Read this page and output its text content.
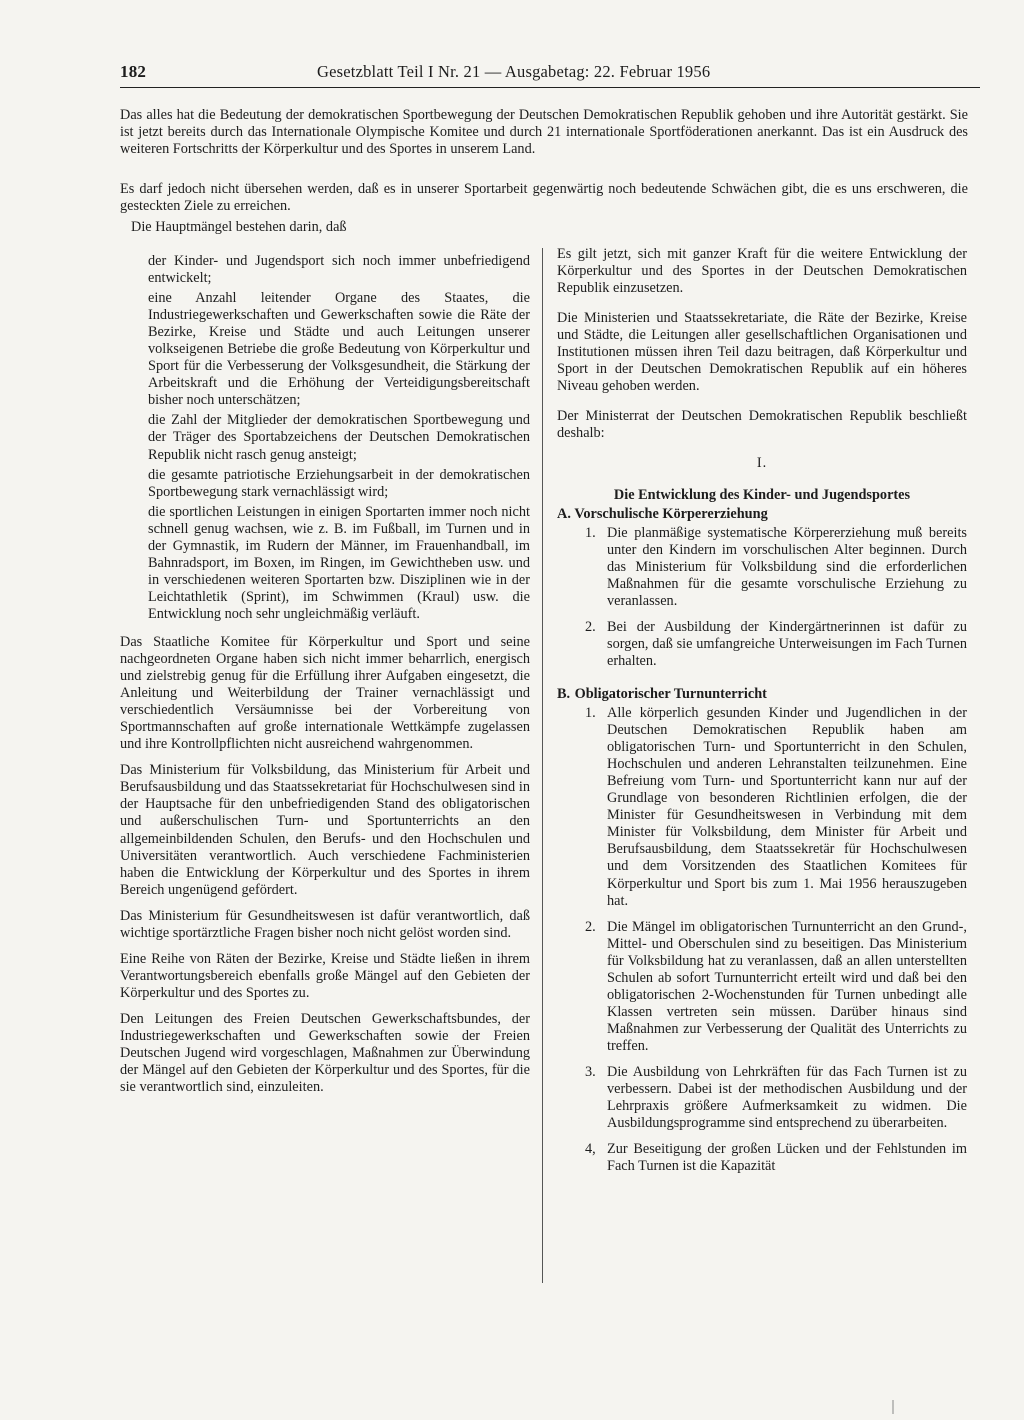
182	Gesetzblatt Teil I Nr. 21 — Ausgabetag: 22. Februar 1956

Das alles hat die Bedeutung der demokratischen Sportbewegung der Deutschen Demokratischen Republik gehoben und ihre Autorität gestärkt. Sie ist jetzt bereits durch das Internationale Olympische Komitee und durch 21 internationale Sportföderationen anerkannt. Das ist ein Ausdruck des weiteren Fortschritts der Körperkultur und des Sportes in unserem Land.

Es darf jedoch nicht übersehen werden, daß es in unserer Sportarbeit gegenwärtig noch bedeutende Schwächen gibt, die es uns erschweren, die gesteckten Ziele zu erreichen.

Die Hauptmängel bestehen darin, daß

der Kinder- und Jugendsport sich noch immer unbefriedigend entwickelt;

eine Anzahl leitender Organe des Staates, die Industriegewerkschaften und Gewerkschaften sowie die Räte der Bezirke, Kreise und Städte und auch Leitungen unserer volkseigenen Betriebe die große Bedeutung von Körperkultur und Sport für die Verbesserung der Volksgesundheit, die Stärkung der Arbeitskraft und die Erhöhung der Verteidigungsbereitschaft bisher noch unterschätzen;

die Zahl der Mitglieder der demokratischen Sportbewegung und der Träger des Sportabzeichens der Deutschen Demokratischen Republik nicht rasch genug ansteigt;

die gesamte patriotische Erziehungsarbeit in der demokratischen Sportbewegung stark vernachlässigt wird;

die sportlichen Leistungen in einigen Sportarten immer noch nicht schnell genug wachsen, wie z. B. im Fußball, im Turnen und in der Gymnastik, im Rudern der Männer, im Frauenhandball, im Bahnradsport, im Boxen, im Ringen, im Gewichtheben usw. und in verschiedenen weiteren Sportarten bzw. Disziplinen wie in der Leichtathletik (Sprint), im Schwimmen (Kraul) usw. die Entwicklung noch sehr ungleichmäßig verläuft.

Das Staatliche Komitee für Körperkultur und Sport und seine nachgeordneten Organe haben sich nicht immer beharrlich, energisch und zielstrebig genug für die Erfüllung ihrer Aufgaben eingesetzt, die Anleitung und Weiterbildung der Trainer vernachlässigt und verschiedentlich Versäumnisse bei der Vorbereitung von Sportmannschaften auf große internationale Wettkämpfe zugelassen und ihre Kontrollpflichten nicht ausreichend wahrgenommen.

Das Ministerium für Volksbildung, das Ministerium für Arbeit und Berufsausbildung und das Staatssekretariat für Hochschulwesen sind in der Hauptsache für den unbefriedigenden Stand des obligatorischen und außerschulischen Turn- und Sportunterrichts an den allgemeinbildenden Schulen, den Berufs- und den Hochschulen und Universitäten verantwortlich. Auch verschiedene Fachministerien haben die Entwicklung der Körperkultur und des Sportes in ihrem Bereich ungenügend gefördert.

Das Ministerium für Gesundheitswesen ist dafür verantwortlich, daß wichtige sportärztliche Fragen bisher noch nicht gelöst worden sind.

Eine Reihe von Räten der Bezirke, Kreise und Städte ließen in ihrem Verantwortungsbereich ebenfalls große Mängel auf den Gebieten der Körperkultur und des Sportes zu.

Den Leitungen des Freien Deutschen Gewerkschaftsbundes, der Industriegewerkschaften und Gewerkschaften sowie der Freien Deutschen Jugend wird vorgeschlagen, Maßnahmen zur Überwindung der Mängel auf den Gebieten der Körperkultur und des Sportes, für die sie verantwortlich sind, einzuleiten.

Es gilt jetzt, sich mit ganzer Kraft für die weitere Entwicklung der Körperkultur und des Sportes in der Deutschen Demokratischen Republik einzusetzen.

Die Ministerien und Staatssekretariate, die Räte der Bezirke, Kreise und Städte, die Leitungen aller gesellschaftlichen Organisationen und Institutionen müssen ihren Teil dazu beitragen, daß Körperkultur und Sport in der Deutschen Demokratischen Republik auf ein höheres Niveau gehoben werden.

Der Ministerrat der Deutschen Demokratischen Republik beschließt deshalb:

I.

Die Entwicklung des Kinder- und Jugendsportes

A. Vorschulische Körpererziehung

1. Die planmäßige systematische Körpererziehung muß bereits unter den Kindern im vorschulischen Alter beginnen. Durch das Ministerium für Volksbildung sind die erforderlichen Maßnahmen für die gesamte vorschulische Erziehung zu veranlassen.

2. Bei der Ausbildung der Kindergärtnerinnen ist dafür zu sorgen, daß sie umfangreiche Unterweisungen im Fach Turnen erhalten.

B. Obligatorischer Turnunterricht

1. Alle körperlich gesunden Kinder und Jugendlichen in der Deutschen Demokratischen Republik haben am obligatorischen Turn- und Sportunterricht in den Schulen, Hochschulen und anderen Lehranstalten teilzunehmen. Eine Befreiung vom Turn- und Sportunterricht kann nur auf der Grundlage von besonderen Richtlinien erfolgen, die der Minister für Gesundheitswesen in Verbindung mit dem Minister für Volksbildung, dem Minister für Arbeit und Berufsausbildung, dem Staatssekretär für Hochschulwesen und dem Vorsitzenden des Staatlichen Komitees für Körperkultur und Sport bis zum 1. Mai 1956 herauszugeben hat.

2. Die Mängel im obligatorischen Turnunterricht an den Grund-, Mittel- und Oberschulen sind zu beseitigen. Das Ministerium für Volksbildung hat zu veranlassen, daß an allen unterstellten Schulen ab sofort Turnunterricht erteilt wird und daß bei den obligatorischen 2-Wochenstunden für Turnen unbedingt alle Klassen vertreten sein müssen. Darüber hinaus sind Maßnahmen zur Verbesserung der Qualität des Unterrichts zu treffen.

3. Die Ausbildung von Lehrkräften für das Fach Turnen ist zu verbessern. Dabei ist der methodischen Ausbildung und der Lehrpraxis größere Aufmerksamkeit zu widmen. Die Ausbildungsprogramme sind entsprechend zu überarbeiten.

4, Zur Beseitigung der großen Lücken und der Fehlstunden im Fach Turnen ist die Kapazität
